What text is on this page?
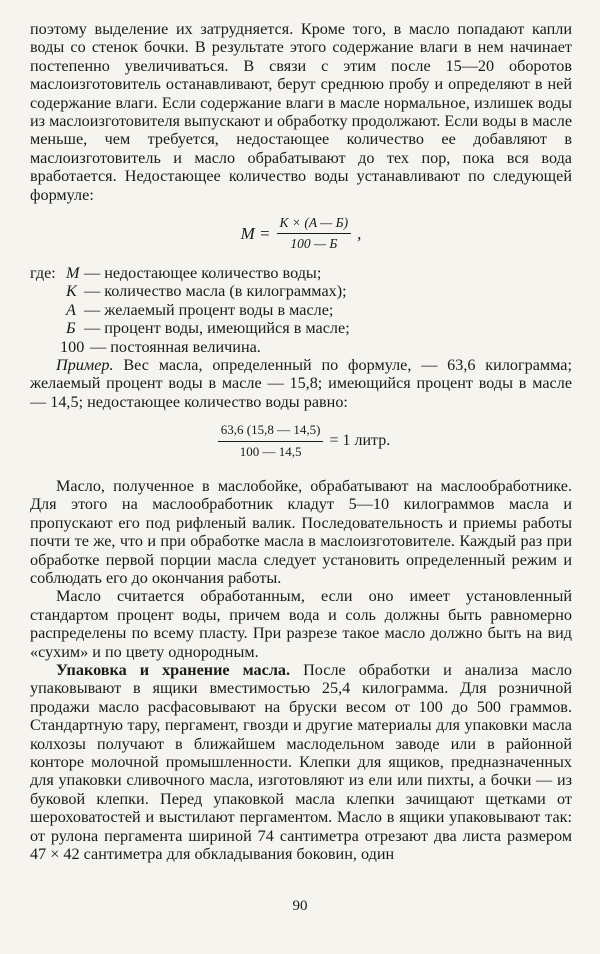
поэтому выделение их затрудняется. Кроме того, в масло попадают капли воды со стенок бочки. В результате этого содержание влаги в нем начинает постепенно увеличиваться. В связи с этим после 15—20 оборотов маслоизготовитель останавливают, берут среднюю пробу и определяют в ней содержание влаги. Если содержание влаги в масле нормальное, излишек воды из маслоизготовителя выпускают и обработку продолжают. Если воды в масле меньше, чем требуется, недостающее количество ее добавляют в маслоизготовитель и масло обрабатывают до тех пор, пока вся вода вработается. Недостающее количество воды устанавливают по следующей формуле:

$M = \frac{K \times (A — Б)}{100 — Б}$ ,
где: M — недостающее количество воды;
K — количество масла (в килограммах);
A — желаемый процент воды в масле;
Б — процент воды, имеющийся в масле;
100 — постоянная величина.

Пример. Вес масла, определенный по формуле, — 63,6 килограмма; желаемый процент воды в масле — 15,8; имеющийся процент воды в масле — 14,5; недостающее количество воды равно:

$\frac{63,6 (15,8 — 14,5)}{100 — 14,5} = 1$ литр.

Масло, полученное в маслобойке, обрабатывают на маслообработнике. Для этого на маслообработник кладут 5—10 килограммов масла и пропускают его под рифленый валик. Последовательность и приемы работы почти те же, что и при обработке масла в маслоизготовителе. Каждый раз при обработке первой порции масла следует установить определенный режим и соблюдать его до окончания работы.

Масло считается обработанным, если оно имеет установленный стандартом процент воды, причем вода и соль должны быть равномерно распределены по всему пласту. При разрезе такое масло должно быть на вид «сухим» и по цвету однородным.

Упаковка и хранение масла. После обработки и анализа масло упаковывают в ящики вместимостью 25,4 килограмма. Для розничной продажи масло расфасовывают на бруски весом от 100 до 500 граммов. Стандартную тару, пергамент, гвозди и другие материалы для упаковки масла колхозы получают в ближайшем маслодельном заводе или в районной конторе молочной промышленности. Клепки для ящиков, предназначенных для упаковки сливочного масла, изготовляют из ели или пихты, а бочки — из буковой клепки. Перед упаковкой масла клепки зачищают щетками от шероховатостей и выстилают пергаментом. Масло в ящики упаковывают так: от рулона пергамента шириной 74 сантиметра отрезают два листа размером 47 × 42 сантиметра для обкладывания боковин, один

90
